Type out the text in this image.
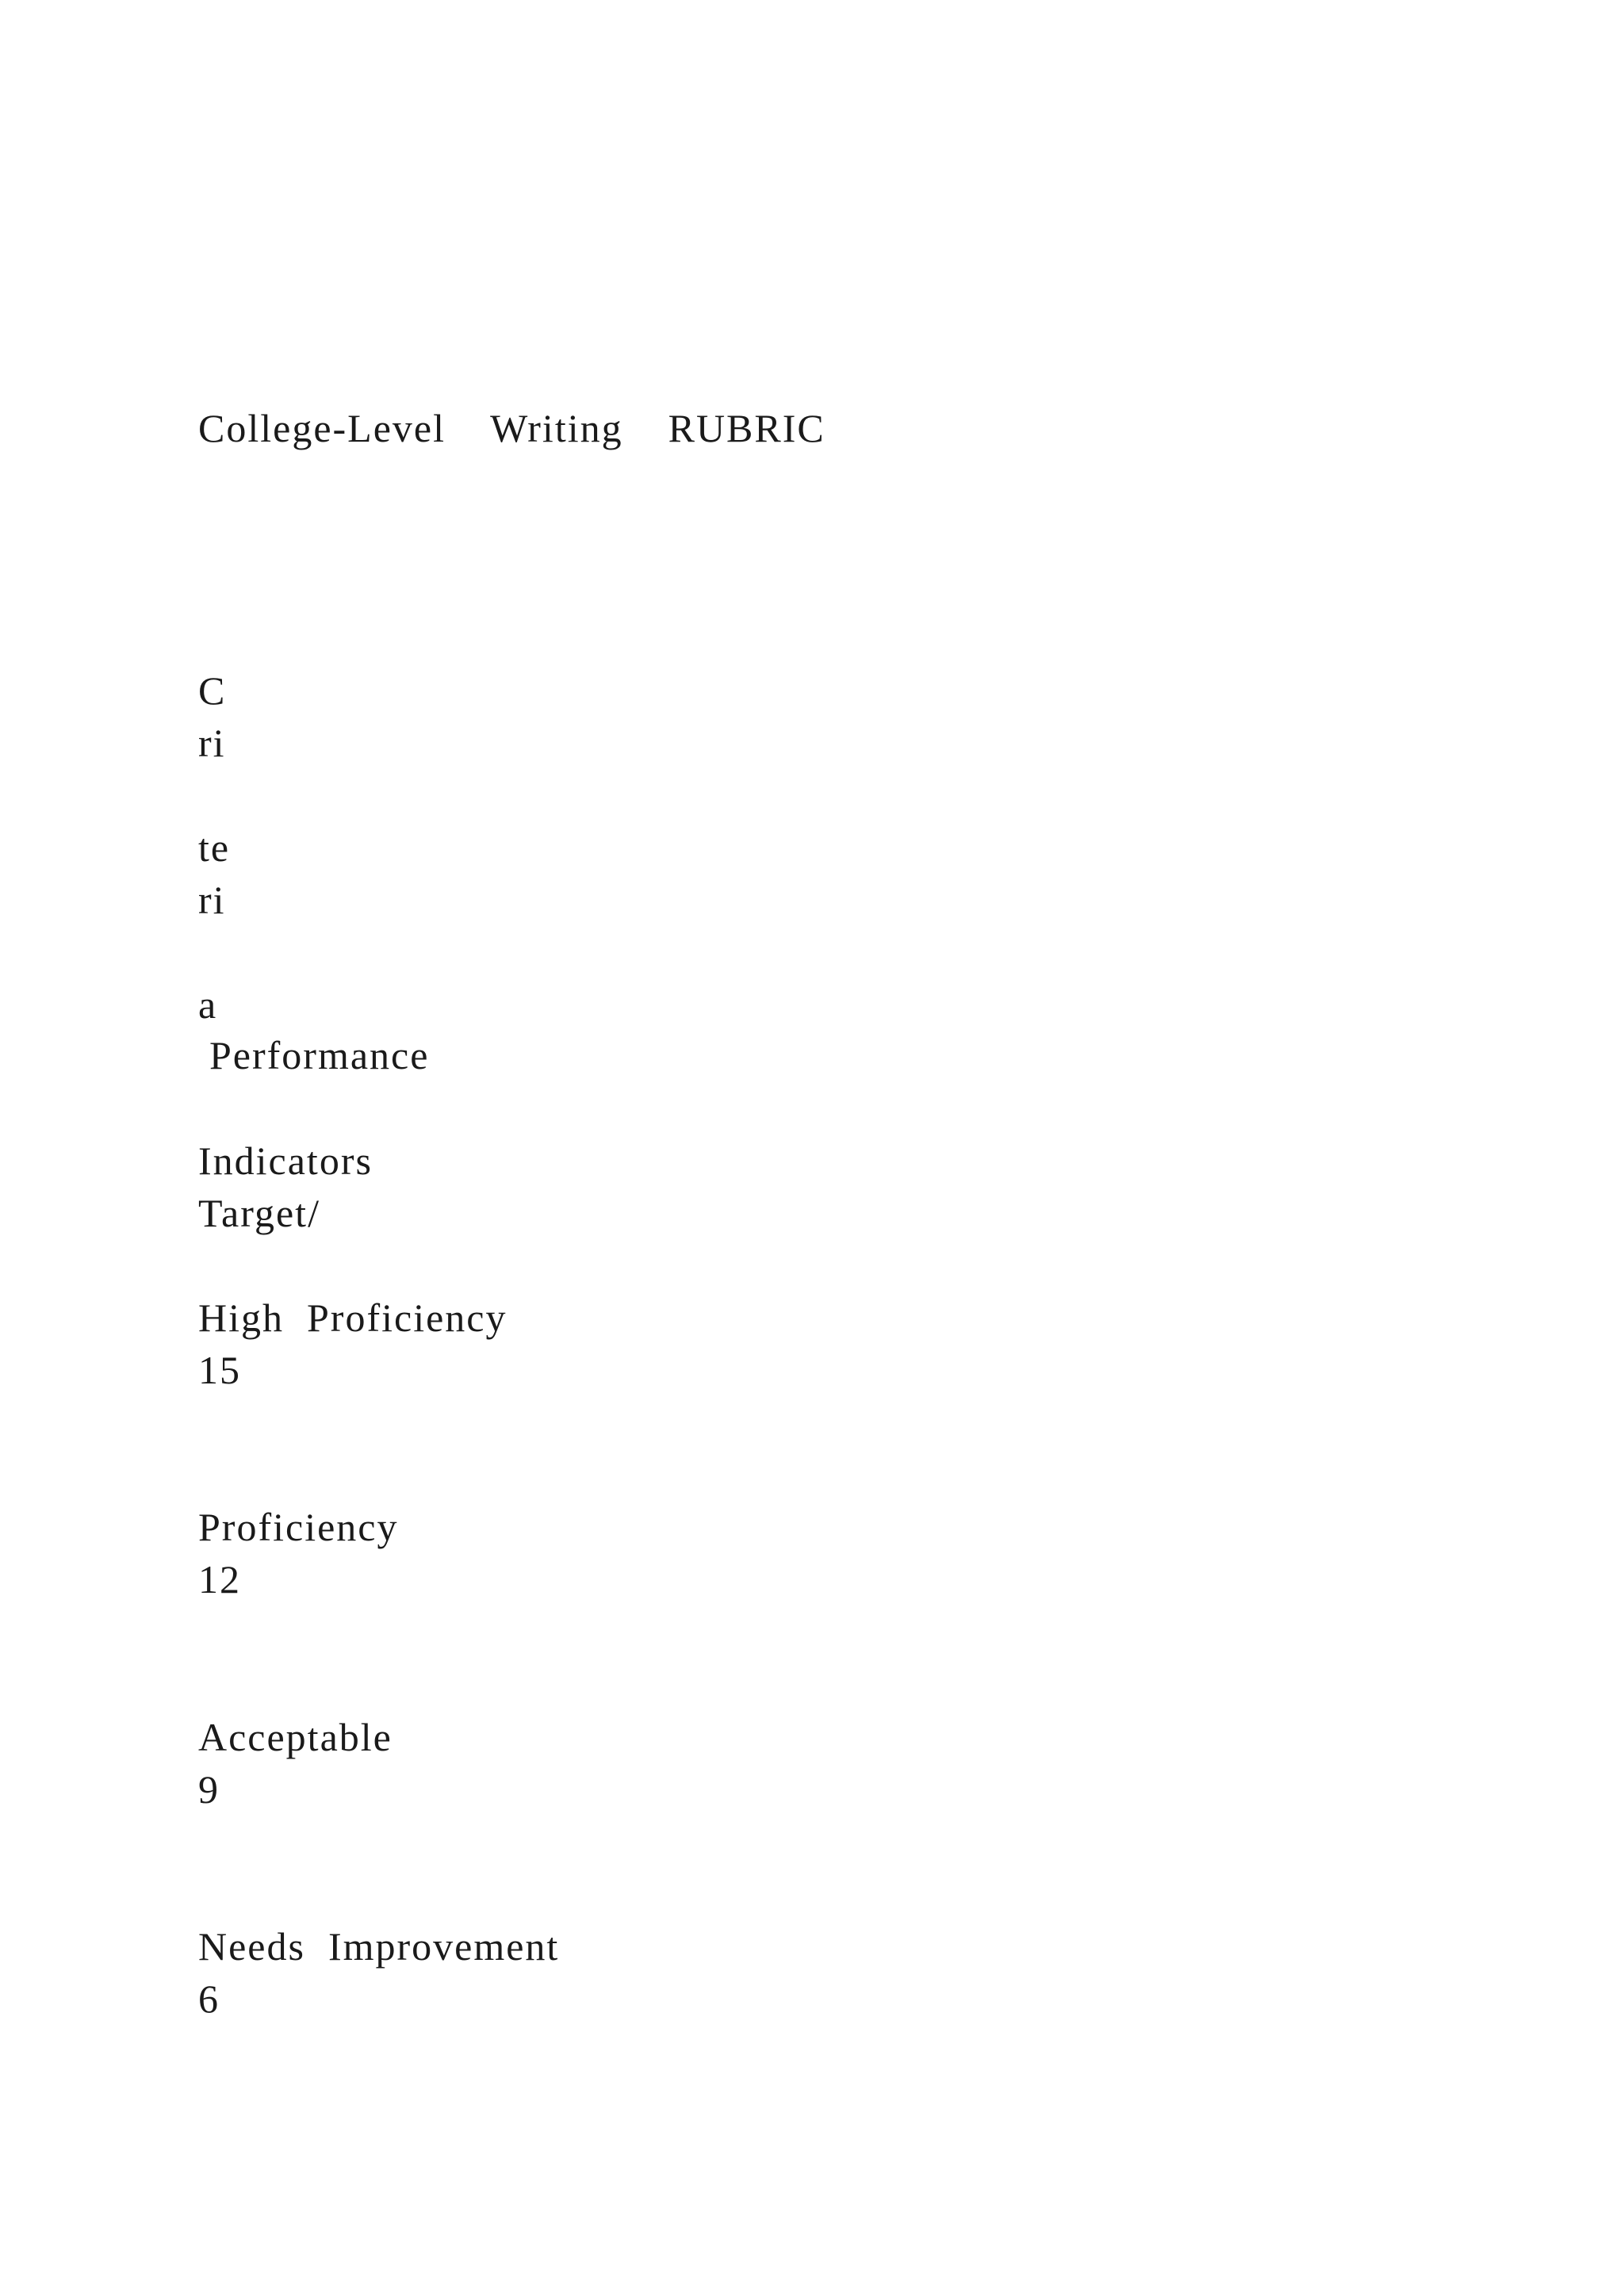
College-Level  Writing  RUBRIC
C
ri
te
ri
a
Performance
Indicators
Target/
High  Proficiency
15
Proficiency
12
Acceptable
9
Needs  Improvement
6
